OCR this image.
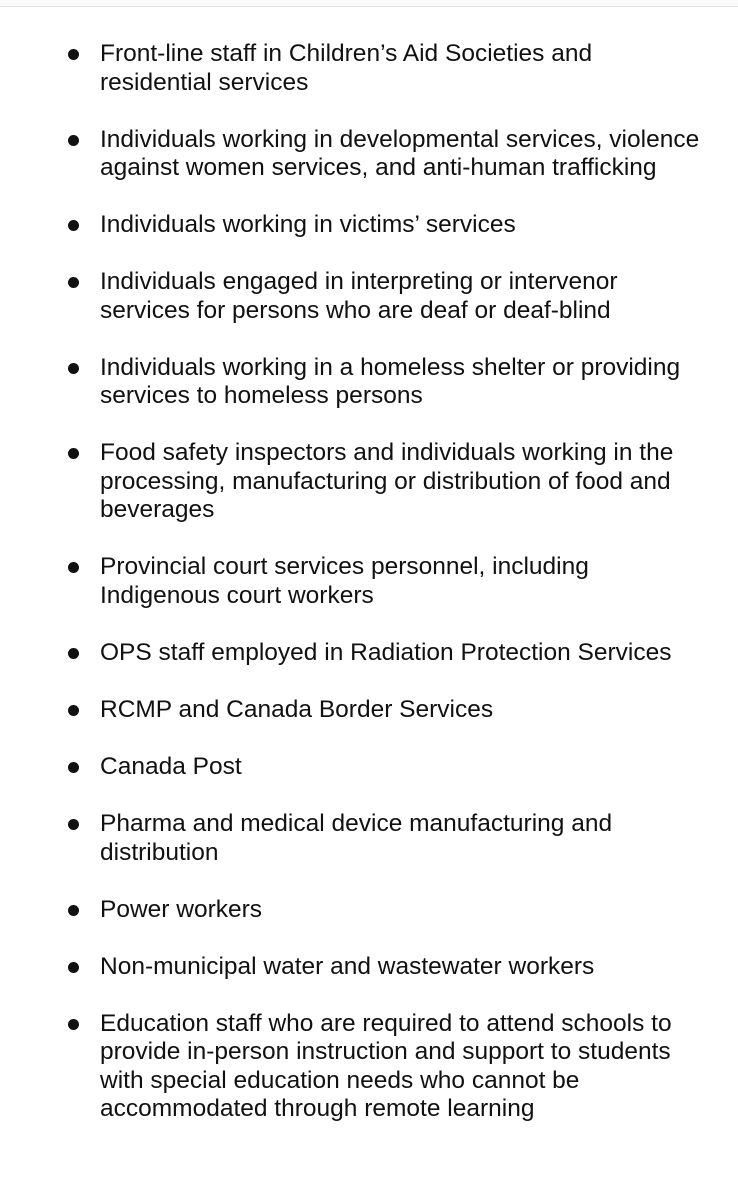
Front-line staff in Children’s Aid Societies and residential services
Individuals working in developmental services, violence against women services, and anti-human trafficking
Individuals working in victims’ services
Individuals engaged in interpreting or intervenor services for persons who are deaf or deaf-blind
Individuals working in a homeless shelter or providing services to homeless persons
Food safety inspectors and individuals working in the processing, manufacturing or distribution of food and beverages
Provincial court services personnel, including Indigenous court workers
OPS staff employed in Radiation Protection Services
RCMP and Canada Border Services
Canada Post
Pharma and medical device manufacturing and distribution
Power workers
Non-municipal water and wastewater workers
Education staff who are required to attend schools to provide in-person instruction and support to students with special education needs who cannot be accommodated through remote learning
